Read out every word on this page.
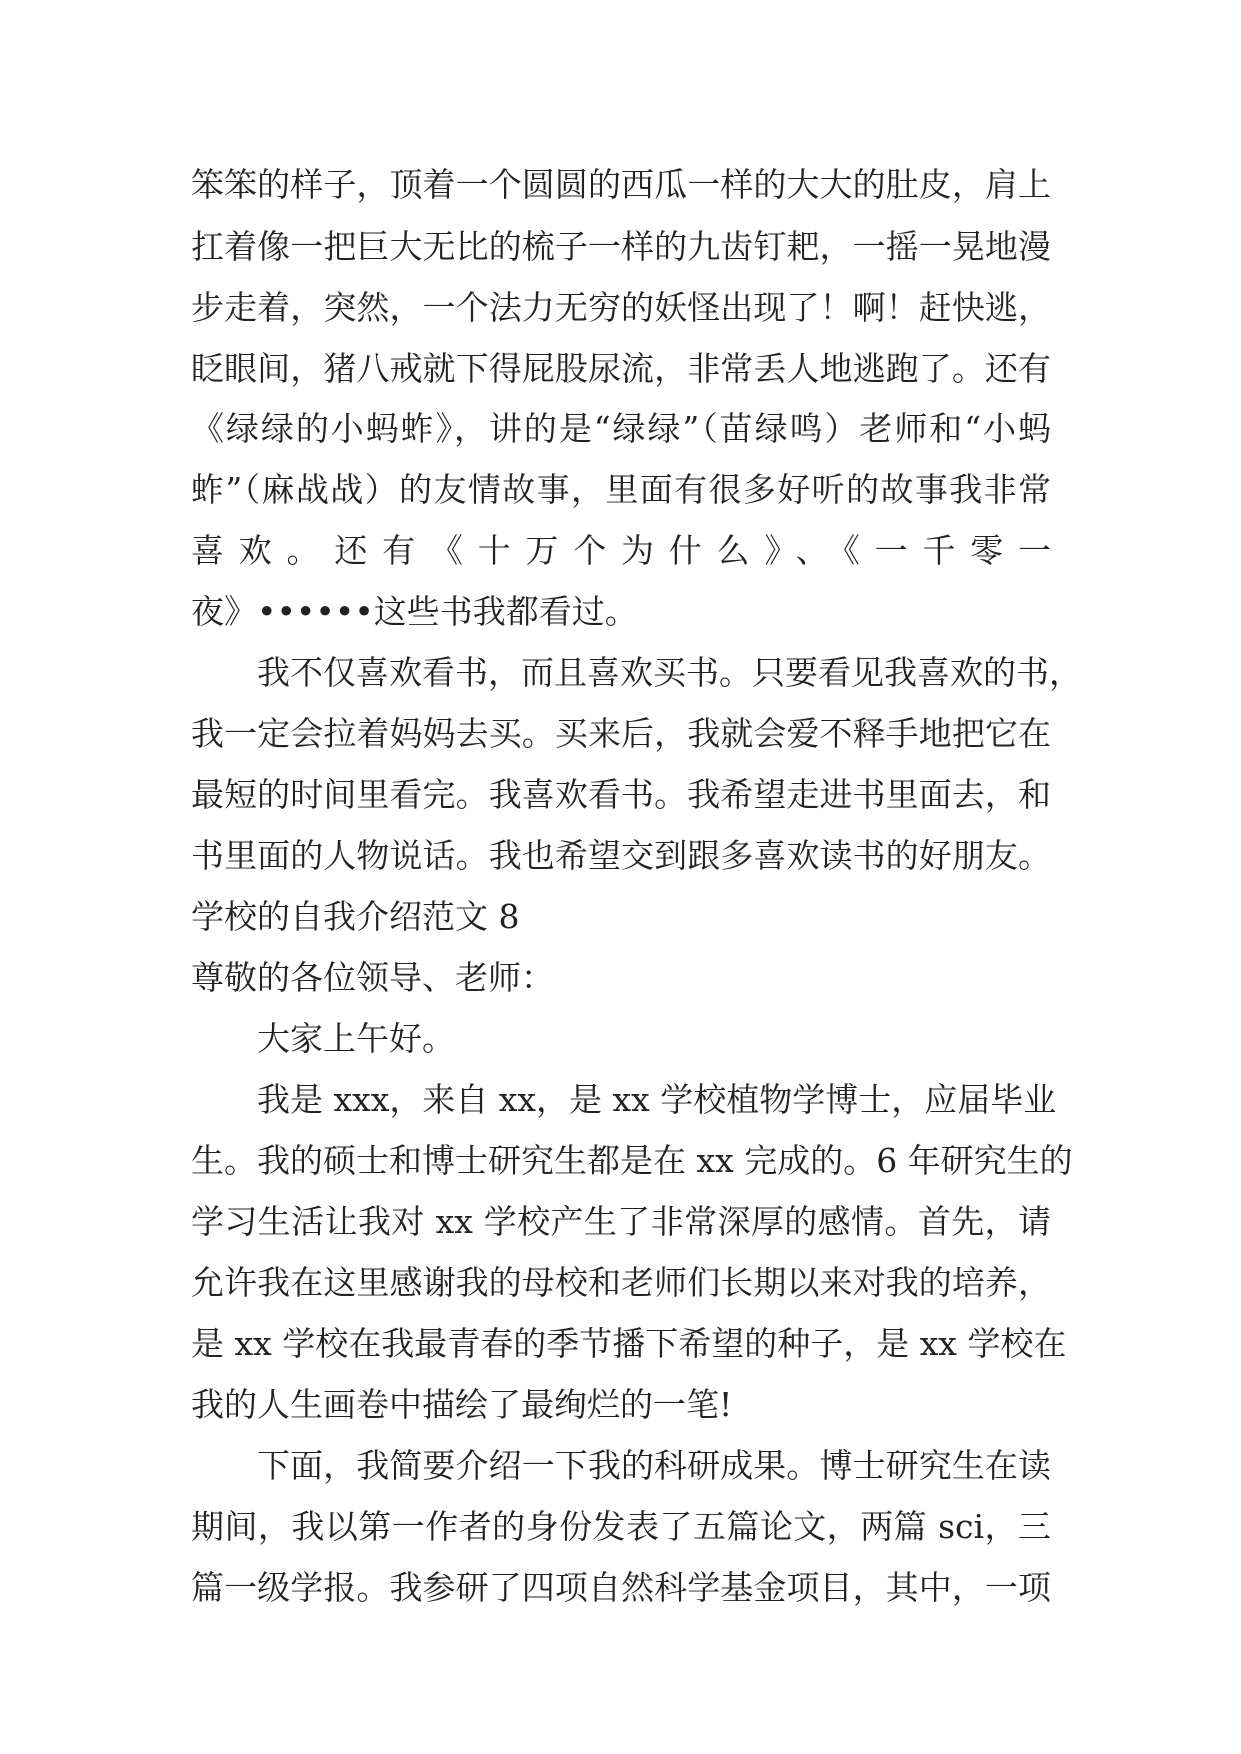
笨笨的样子，顶着一个圆圆的西瓜一样的大大的肚皮，肩上
扛着像一把巨大无比的梳子一样的九齿钉耙，一摇一晃地漫
步走着，突然，一个法力无穷的妖怪出现了！啊！赶快逃，
眨眼间，猪八戒就下得屁股尿流，非常丢人地逃跑了。还有
《绿绿的小蚂蚱》，讲的是“绿绿”（苗绿鸣）老师和“小蚂
蚱”（麻战战）的友情故事，里面有很多好听的故事我非常
喜欢。还有《十万个为什么》、《一千零一
夜》••••••这些书我都看过。
我不仅喜欢看书，而且喜欢买书。只要看见我喜欢的书，
我一定会拉着妈妈去买。买来后，我就会爱不释手地把它在
最短的时间里看完。我喜欢看书。我希望走进书里面去，和
书里面的人物说话。我也希望交到跟多喜欢读书的好朋友。
学校的自我介绍范文 8
尊敬的各位领导、老师：
大家上午好。
我是 xxx，来自 xx，是 xx 学校植物学博士，应届毕业
生。我的硕士和博士研究生都是在 xx 完成的。6 年研究生的
学习生活让我对 xx 学校产生了非常深厚的感情。首先，请
允许我在这里感谢我的母校和老师们长期以来对我的培养，
是 xx 学校在我最青春的季节播下希望的种子，是 xx 学校在
我的人生画卷中描绘了最绚烂的一笔!
下面，我简要介绍一下我的科研成果。博士研究生在读
期间，我以第一作者的身份发表了五篇论文，两篇 sci，三
篇一级学报。我参研了四项自然科学基金项目，其中，一项
